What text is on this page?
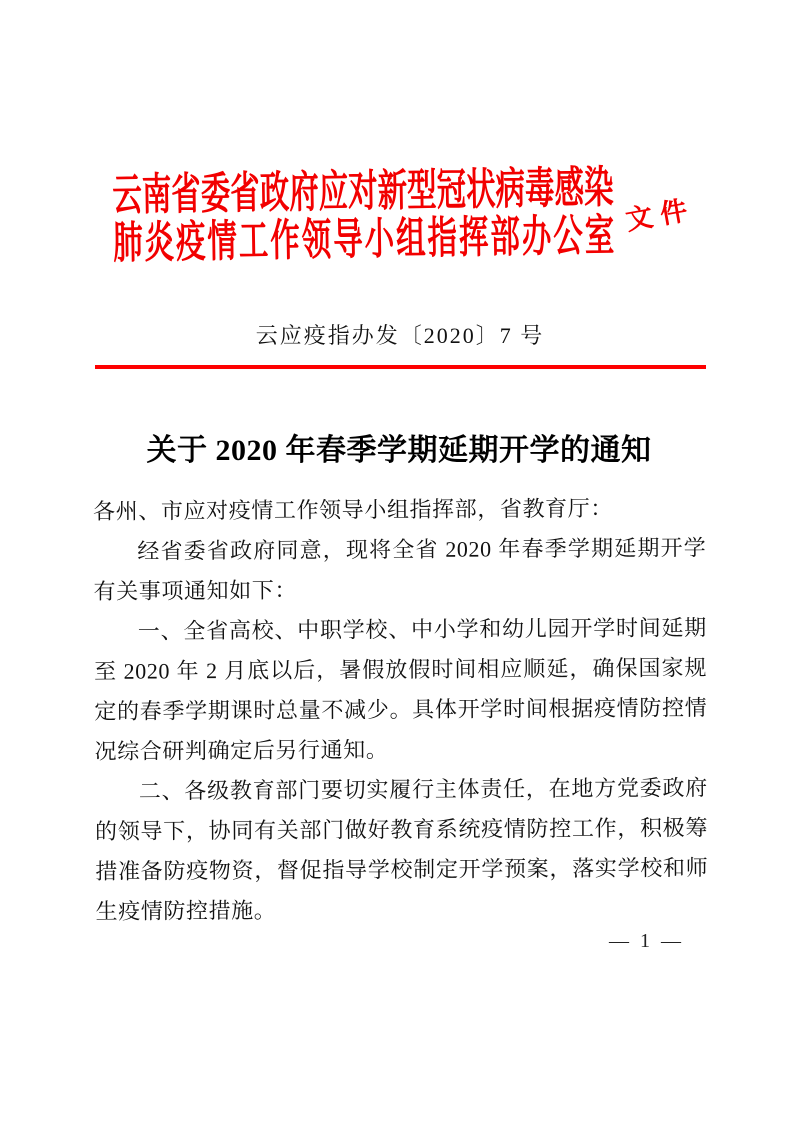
云南省委省政府应对新型冠状病毒感染
肺炎疫情工作领导小组指挥部办公室 文件
云应疫指办发〔2020〕7 号
关于 2020 年春季学期延期开学的通知

各州、市应对疫情工作领导小组指挥部，省教育厅：

经省委省政府同意，现将全省 2020 年春季学期延期开学有关事项通知如下：

一、全省高校、中职学校、中小学和幼儿园开学时间延期至 2020 年 2 月底以后，暑假放假时间相应顺延，确保国家规定的春季学期课时总量不减少。具体开学时间根据疫情防控情况综合研判确定后另行通知。

二、各级教育部门要切实履行主体责任，在地方党委政府的领导下，协同有关部门做好教育系统疫情防控工作，积极筹措准备防疫物资，督促指导学校制定开学预案，落实学校和师生疫情防控措施。

— 1 —
